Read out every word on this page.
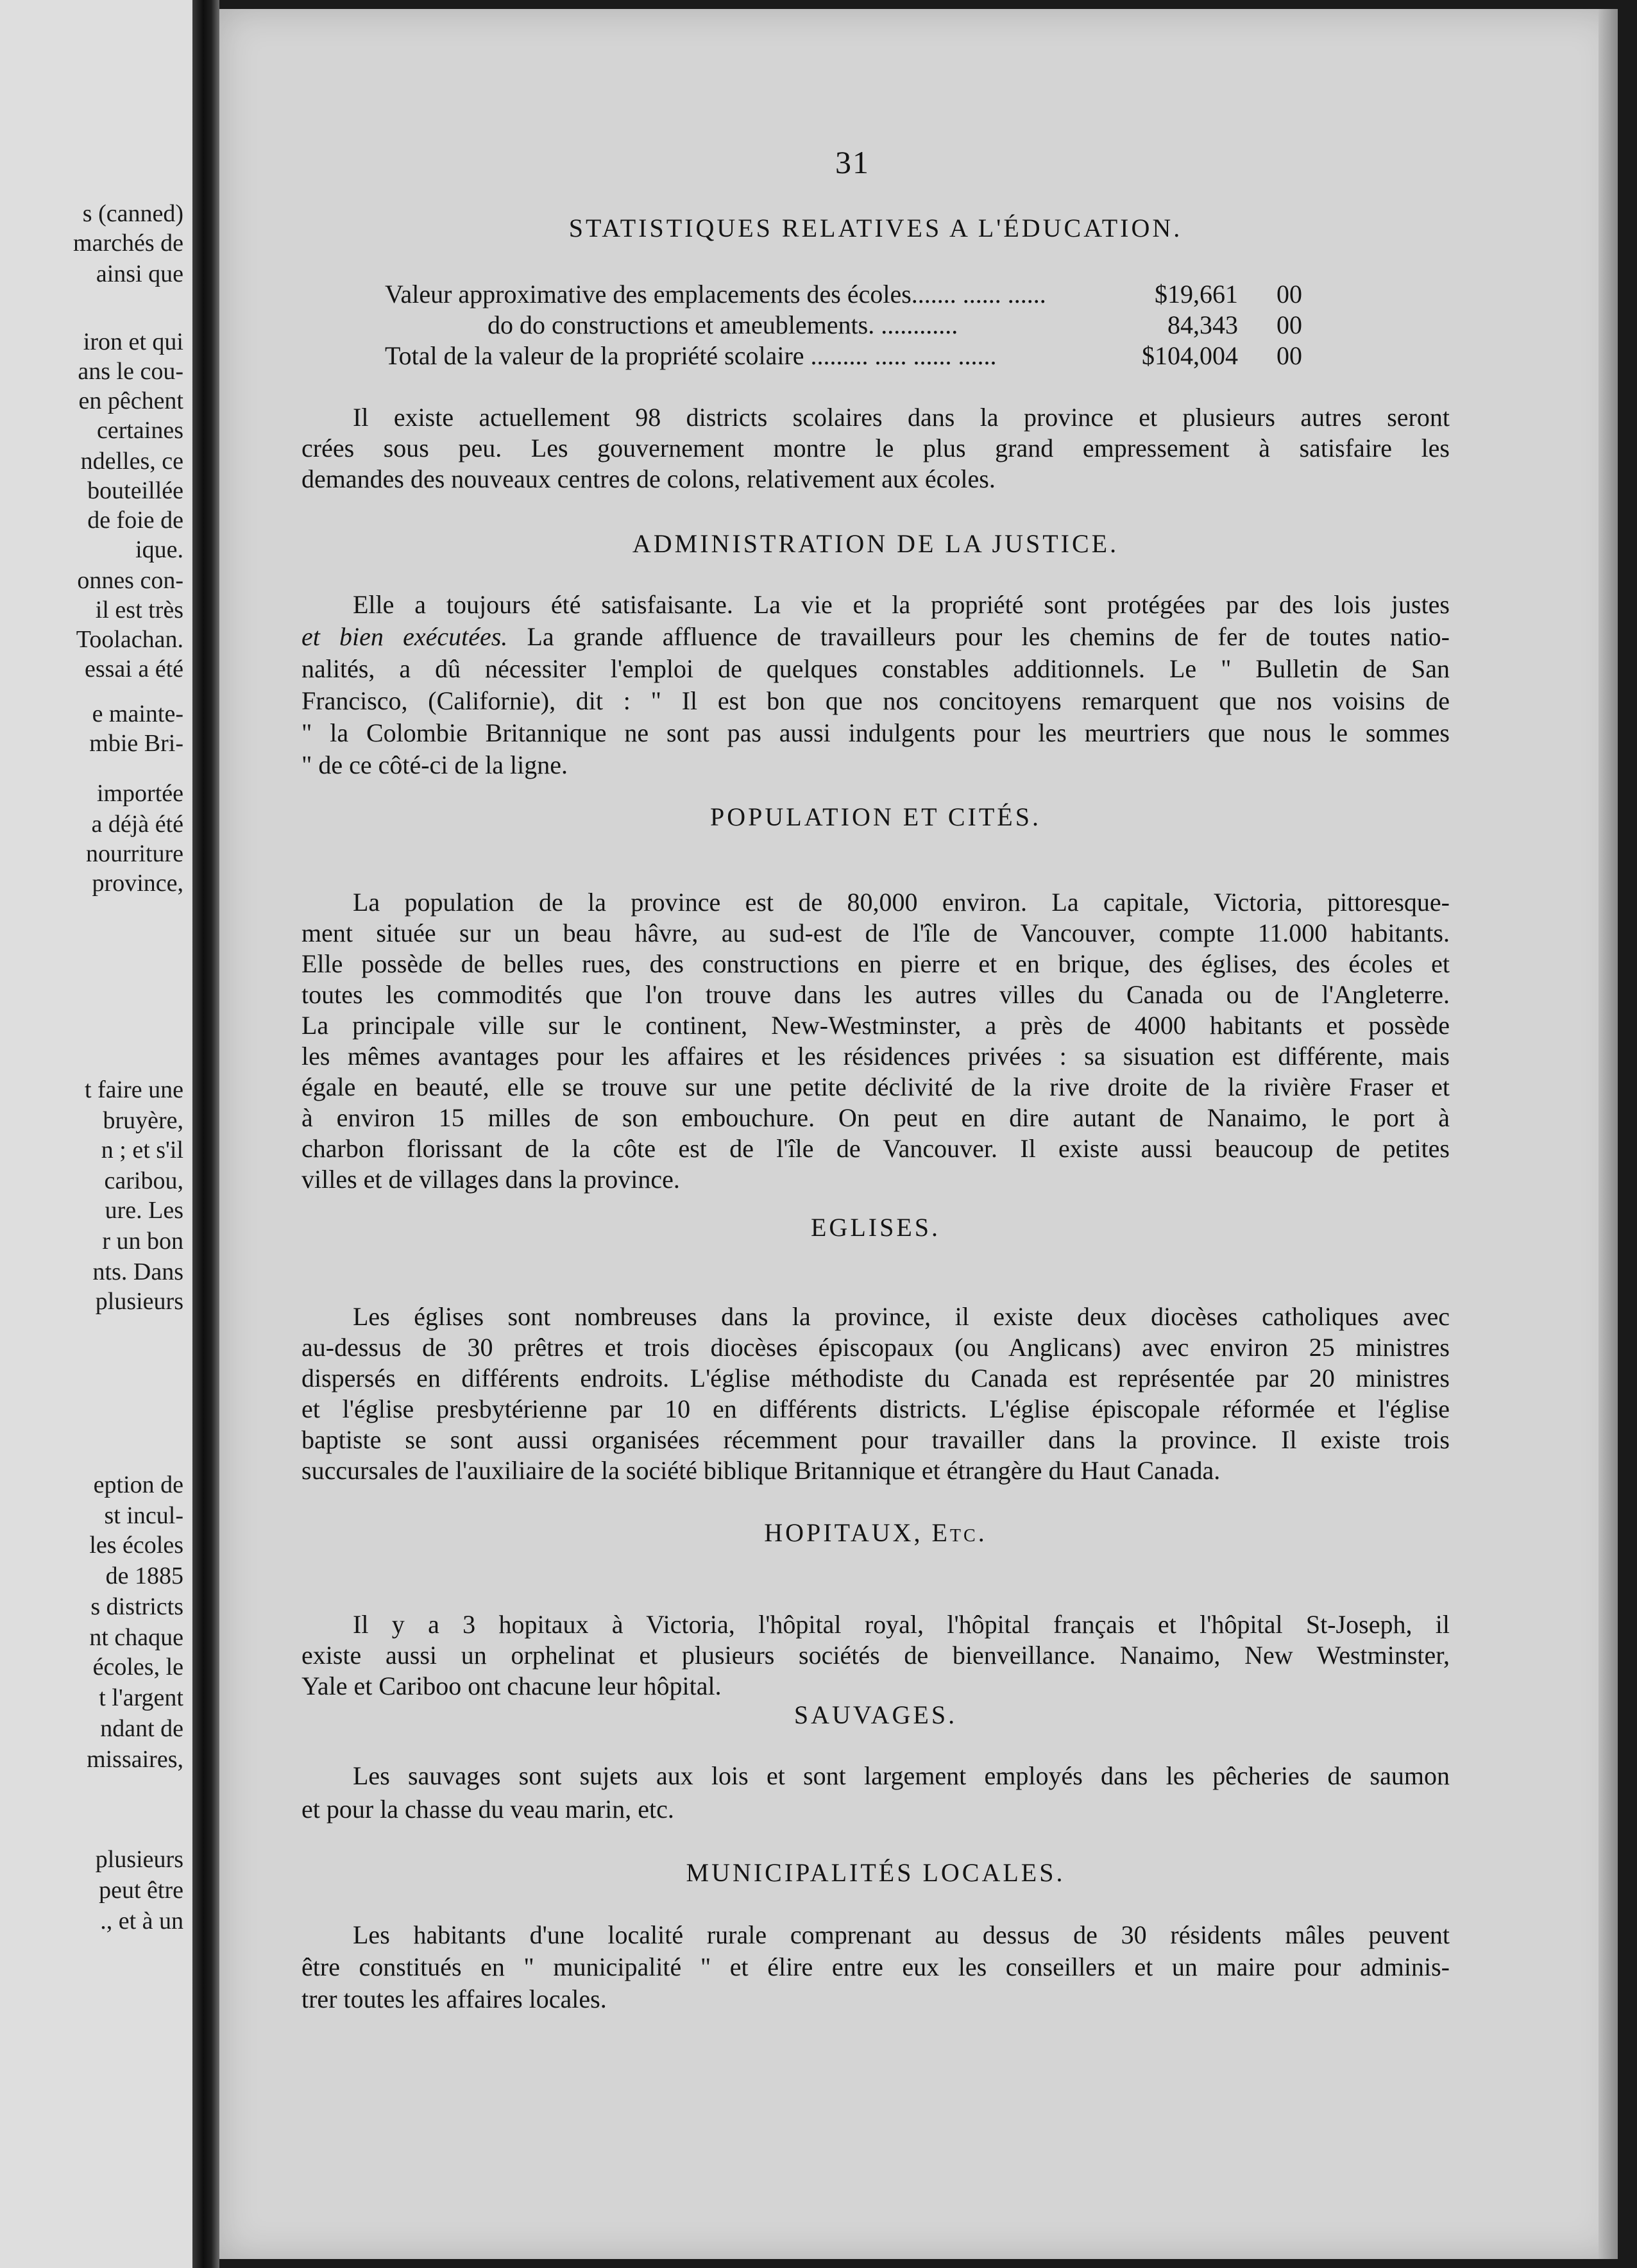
s (canned)
marchés de
ainsi que
iron et qui
ans le cou-
en pêchent
certaines
ndelles, ce
bouteillée
de foie de
ique.
onnes con-
il est très
Toolachan.
essai a été
e mainte-
mbie Bri-
importée
a déjà été
nourriture
province,
t faire une
bruyère,
n ; et s'il
caribou,
ure. Les
r un bon
nts. Dans
plusieurs
eption de
st incul-
les écoles
de 1885
s districts
nt chaque
écoles, le
t l'argent
ndant de
missaires,
plusieurs
peut être
., et à un
31
STATISTIQUES RELATIVES A L'ÉDUCATION.
Valeur approximative des emplacements des écoles....... ...... ......	$19,661 00
do do constructions et ameublements. ............	84,343 00
Total de la valeur de la propriété scolaire ......... ..... ...... ......	$104,004 00
Il existe actuellement 98 districts scolaires dans la province et plusieurs autres seront
crées sous peu. Les gouvernement montre le plus grand empressement à satisfaire les
demandes des nouveaux centres de colons, relativement aux écoles.
ADMINISTRATION DE LA JUSTICE.
Elle a toujours été satisfaisante. La vie et la propriété sont protégées par des lois justes
et bien exécutées. La grande affluence de travailleurs pour les chemins de fer de toutes natio-
nalités, a dû nécessiter l'emploi de quelques constables additionnels. Le " Bulletin de San
Francisco, (Californie), dit : " Il est bon que nos concitoyens remarquent que nos voisins de
" la Colombie Britannique ne sont pas aussi indulgents pour les meurtriers que nous le sommes
" de ce côté-ci de la ligne.
POPULATION ET CITÉS.
La population de la province est de 80,000 environ. La capitale, Victoria, pittoresque-
ment située sur un beau hâvre, au sud-est de l'île de Vancouver, compte 11.000 habitants.
Elle possède de belles rues, des constructions en pierre et en brique, des églises, des écoles et
toutes les commodités que l'on trouve dans les autres villes du Canada ou de l'Angleterre.
La principale ville sur le continent, New-Westminster, a près de 4000 habitants et possède
les mêmes avantages pour les affaires et les résidences privées : sa sisuation est différente, mais
égale en beauté, elle se trouve sur une petite déclivité de la rive droite de la rivière Fraser et
à environ 15 milles de son embouchure. On peut en dire autant de Nanaimo, le port à
charbon florissant de la côte est de l'île de Vancouver. Il existe aussi beaucoup de petites
villes et de villages dans la province.
EGLISES.
Les églises sont nombreuses dans la province, il existe deux diocèses catholiques avec
au-dessus de 30 prêtres et trois diocèses épiscopaux (ou Anglicans) avec environ 25 ministres
dispersés en différents endroits. L'église méthodiste du Canada est représentée par 20 ministres
et l'église presbytérienne par 10 en différents districts. L'église épiscopale réformée et l'église
baptiste se sont aussi organisées récemment pour travailler dans la province. Il existe trois
succursales de l'auxiliaire de la société biblique Britannique et étrangère du Haut Canada.
HOPITAUX, Etc.
Il y a 3 hopitaux à Victoria, l'hôpital royal, l'hôpital français et l'hôpital St-Joseph, il
existe aussi un orphelinat et plusieurs sociétés de bienveillance. Nanaimo, New Westminster,
Yale et Cariboo ont chacune leur hôpital.
SAUVAGES.
Les sauvages sont sujets aux lois et sont largement employés dans les pêcheries de saumon
et pour la chasse du veau marin, etc.
MUNICIPALITÉS LOCALES.
Les habitants d'une localité rurale comprenant au dessus de 30 résidents mâles peuvent
être constitués en " municipalité " et élire entre eux les conseillers et un maire pour adminis-
trer toutes les affaires locales.
